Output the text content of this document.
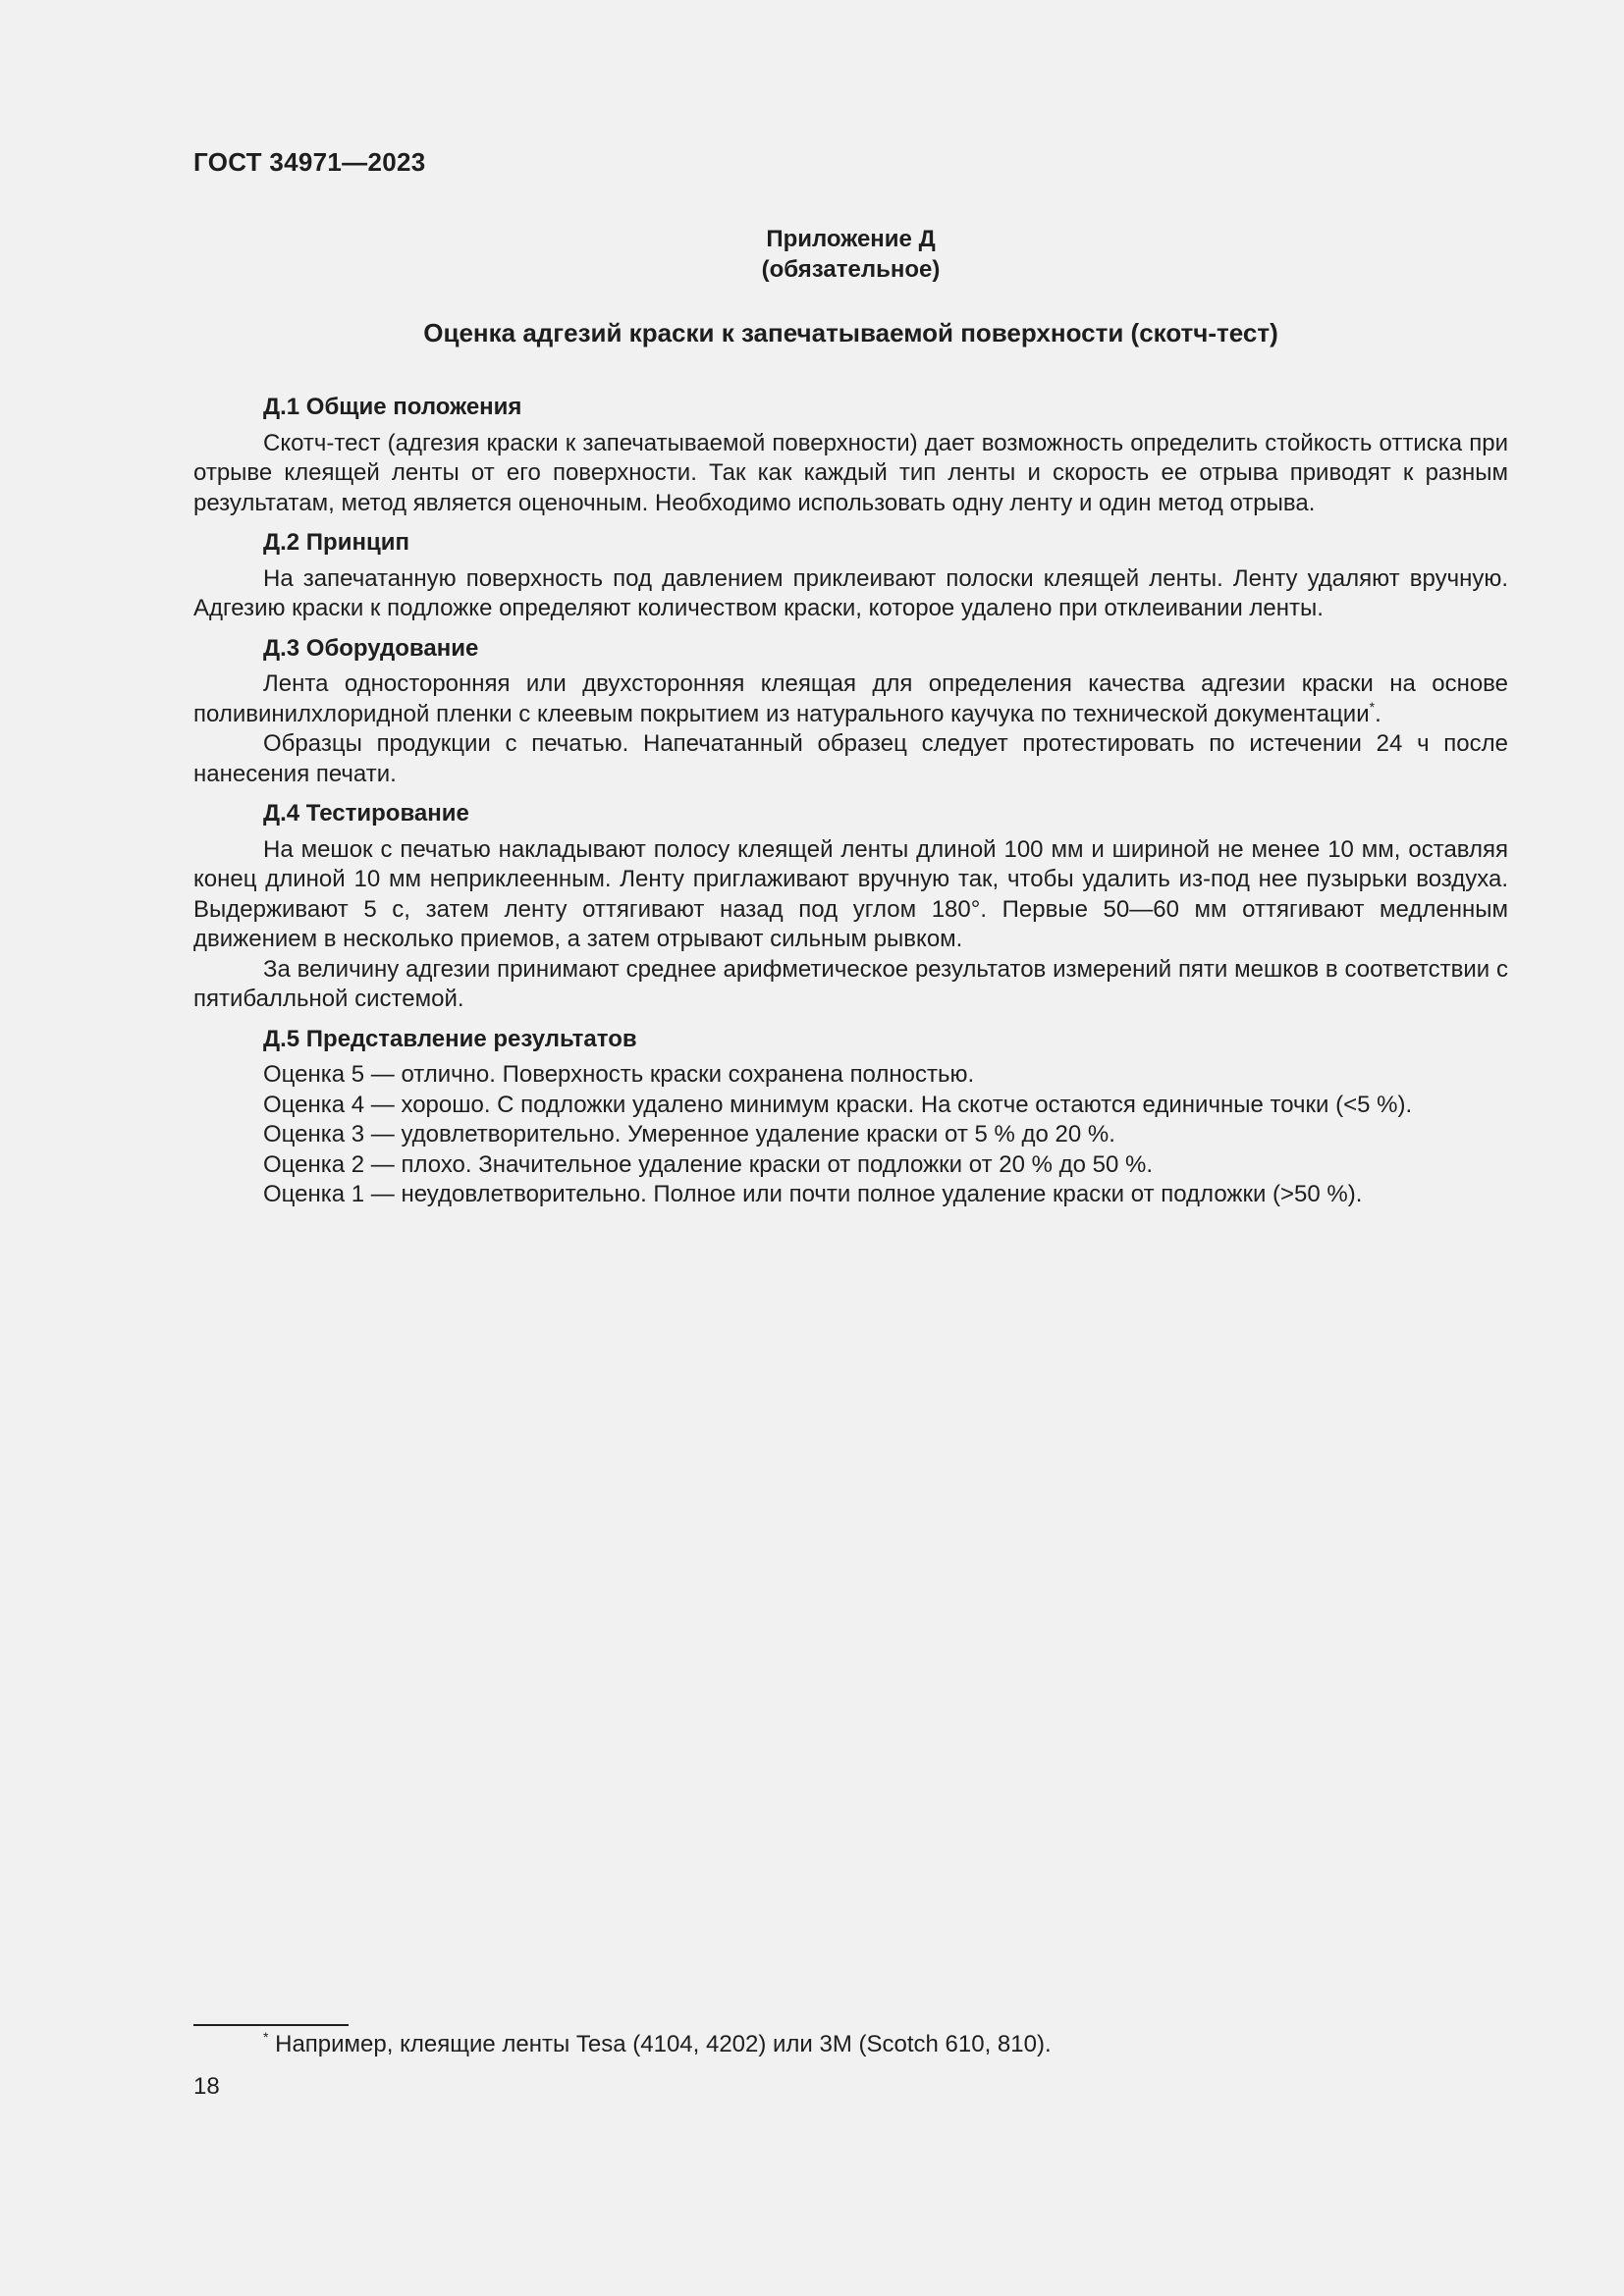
ГОСТ 34971—2023
Приложение Д
(обязательное)
Оценка адгезий краски к запечатываемой поверхности (скотч-тест)
Д.1 Общие положения

Скотч-тест (адгезия краски к запечатываемой поверхности) дает возможность определить стойкость оттиска при отрыве клеящей ленты от его поверхности. Так как каждый тип ленты и скорость ее отрыва приводят к разным результатам, метод является оценочным. Необходимо использовать одну ленту и один метод отрыва.

Д.2 Принцип

На запечатанную поверхность под давлением приклеивают полоски клеящей ленты. Ленту удаляют вручную. Адгезию краски к подложке определяют количеством краски, которое удалено при отклеивании ленты.

Д.3 Оборудование

Лента односторонняя или двухсторонняя клеящая для определения качества адгезии краски на основе поливинилхлоридной пленки с клеевым покрытием из натурального каучука по технической документации*.

Образцы продукции с печатью. Напечатанный образец следует протестировать по истечении 24 ч после нанесения печати.

Д.4 Тестирование

На мешок с печатью накладывают полосу клеящей ленты длиной 100 мм и шириной не менее 10 мм, оставляя конец длиной 10 мм неприклеенным. Ленту приглаживают вручную так, чтобы удалить из-под нее пузырьки воздуха. Выдерживают 5 с, затем ленту оттягивают назад под углом 180°. Первые 50—60 мм оттягивают медленным движением в несколько приемов, а затем отрывают сильным рывком.

За величину адгезии принимают среднее арифметическое результатов измерений пяти мешков в соответствии с пятибалльной системой.

Д.5 Представление результатов

Оценка 5 — отлично. Поверхность краски сохранена полностью.

Оценка 4 — хорошо. С подложки удалено минимум краски. На скотче остаются единичные точки (<5 %).

Оценка 3 — удовлетворительно. Умеренное удаление краски от 5 % до 20 %.

Оценка 2 — плохо. Значительное удаление краски от подложки от 20 % до 50 %.

Оценка 1 — неудовлетворительно. Полное или почти полное удаление краски от подложки (>50 %).

* Например, клеящие ленты Tesa (4104, 4202) или 3M (Scotch 610, 810).
18
